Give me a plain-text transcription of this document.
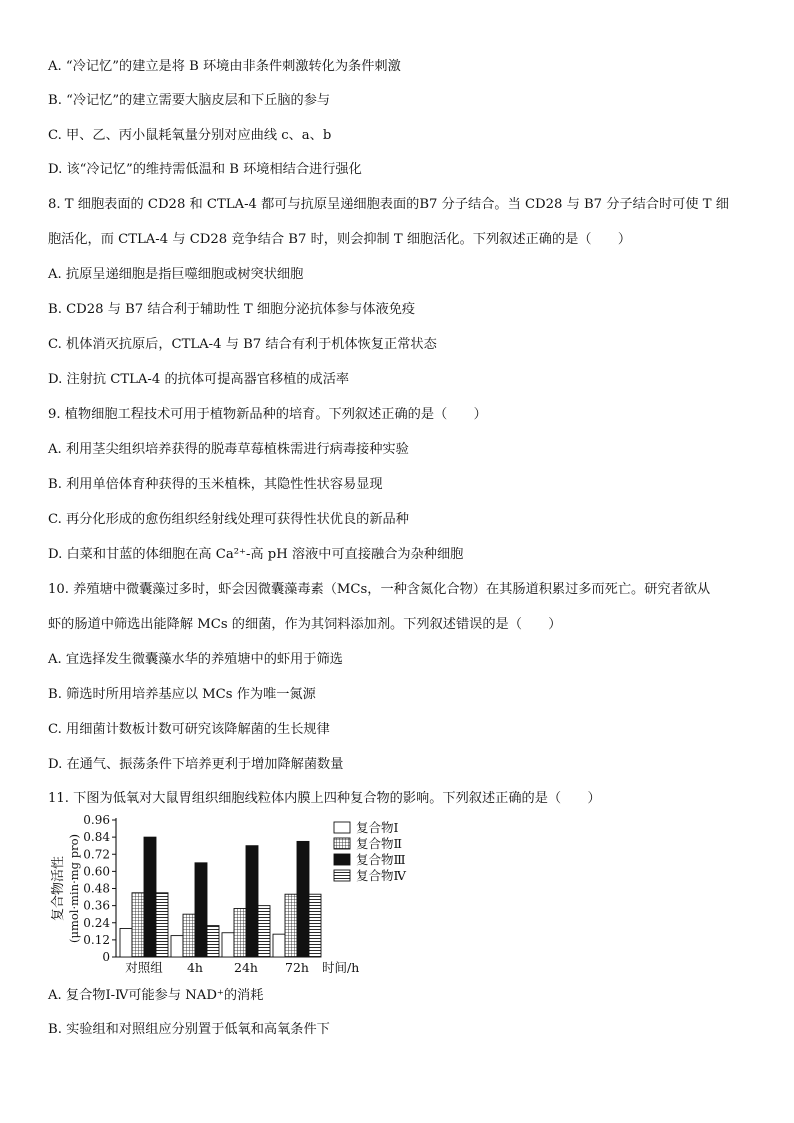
A. “冷记忆”的建立是将 B 环境由非条件刺激转化为条件刺激
B. “冷记忆”的建立需要大脑皮层和下丘脑的参与
C. 甲、乙、丙小鼠耗氧量分别对应曲线 c、a、b
D. 该“冷记忆”的维持需低温和 B 环境相结合进行强化
8. T 细胞表面的 CD28 和 CTLA-4 都可与抗原呈递细胞表面的B7 分子结合。当 CD28 与 B7 分子结合时可使 T 细
胞活化，而 CTLA-4 与 CD28 竞争结合 B7 时，则会抑制 T 细胞活化。下列叙述正确的是（　　）
A. 抗原呈递细胞是指巨噬细胞或树突状细胞
B. CD28 与 B7 结合利于辅助性 T 细胞分泌抗体参与体液免疫
C. 机体消灭抗原后，CTLA-4 与 B7 结合有利于机体恢复正常状态
D. 注射抗 CTLA-4 的抗体可提高器官移植的成活率
9. 植物细胞工程技术可用于植物新品种的培育。下列叙述正确的是（　　）
A. 利用茎尖组织培养获得的脱毒草莓植株需进行病毒接种实验
B. 利用单倍体育种获得的玉米植株，其隐性性状容易显现
C. 再分化形成的愈伤组织经射线处理可获得性状优良的新品种
D. 白菜和甘蓝的体细胞在高 Ca²⁺-高 pH 溶液中可直接融合为杂种细胞
10. 养殖塘中微囊藻过多时，虾会因微囊藻毒素（MCs，一种含氮化合物）在其肠道积累过多而死亡。研究者欲从
虾的肠道中筛选出能降解 MCs 的细菌，作为其饲料添加剂。下列叙述错误的是（　　）
A. 宜选择发生微囊藻水华的养殖塘中的虾用于筛选
B. 筛选时所用培养基应以 MCs 作为唯一氮源
C. 用细菌计数板计数可研究该降解菌的生长规律
D. 在通气、振荡条件下培养更利于增加降解菌数量
11. 下图为低氧对大鼠胃组织细胞线粒体内膜上四种复合物的影响。下列叙述正确的是（　　）
A. 复合物Ⅰ-Ⅳ可能参与 NAD⁺的消耗
B. 实验组和对照组应分别置于低氧和高氧条件下
复合物活性 (μmol·min·mg pro)
0
0.12
0.24
0.36
0.48
0.60
0.72
0.84
0.96
对照组 4h 24h 72h 时间/h
复合物Ⅰ
复合物Ⅱ
复合物Ⅲ
复合物Ⅳ
